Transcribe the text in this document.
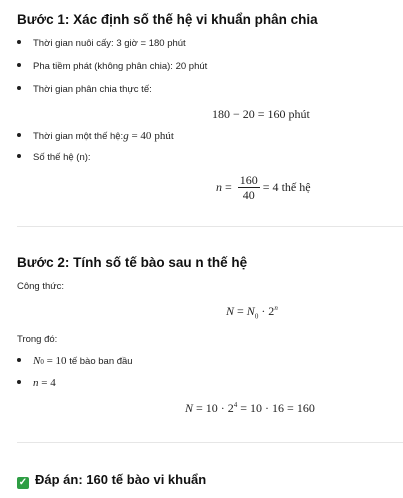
Bước 1: Xác định số thế hệ vi khuẩn phân chia
Thời gian nuôi cấy: 3 giờ = 180 phút
Pha tiềm phát (không phân chia): 20 phút
Thời gian phân chia thực tế:
180 − 20 = 160 phút
Thời gian một thế hệ: g = 40 phút
Số thế hệ (n):
$n = \frac{160}{40} = 4$ thế hệ
Bước 2: Tính số tế bào sau n thế hệ
Công thức:
$N = N_0 \cdot 2^n$
Trong đó:
N 0 = 10 tế bào ban đầu
n = 4
$N = 10 \cdot 2^4 = 10 \cdot 16 = 160$
✓ Đáp án: 160 tế bào vi khuẩn
